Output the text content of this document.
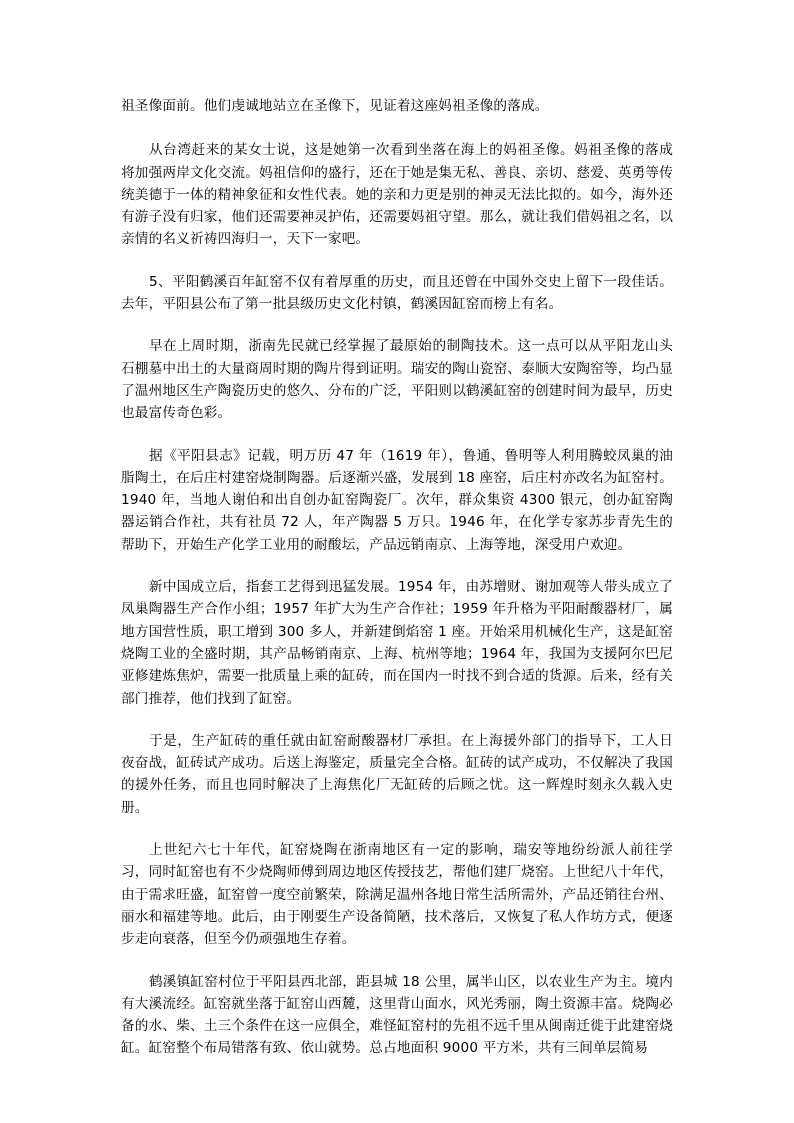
祖圣像面前。他们虔诚地站立在圣像下，见证着这座妈祖圣像的落成。

从台湾赶来的某女士说，这是她第一次看到坐落在海上的妈祖圣像。妈祖圣像的落成将加强两岸文化交流。妈祖信仰的盛行，还在于她是集无私、善良、亲切、慈爱、英勇等传统美德于一体的精神象征和女性代表。她的亲和力更是别的神灵无法比拟的。如今，海外还有游子没有归家，他们还需要神灵护佑，还需要妈祖守望。那么，就让我们借妈祖之名，以亲情的名义祈祷四海归一，天下一家吧。

5、平阳鹤溪百年缸窑不仅有着厚重的历史，而且还曾在中国外交史上留下一段佳话。去年，平阳县公布了第一批县级历史文化村镇，鹤溪因缸窑而榜上有名。

早在上周时期，浙南先民就已经掌握了最原始的制陶技术。这一点可以从平阳龙山头石棚墓中出土的大量商周时期的陶片得到证明。瑞安的陶山瓷窑、泰顺大安陶窑等，均凸显了温州地区生产陶瓷历史的悠久、分布的广泛，平阳则以鹤溪缸窑的创建时间为最早，历史也最富传奇色彩。

据《平阳县志》记载，明万历 47 年（1619 年），鲁通、鲁明等人利用腾蛟凤巢的油脂陶土，在后庄村建窑烧制陶器。后逐渐兴盛，发展到 18 座窑，后庄村亦改名为缸窑村。1940 年，当地人谢伯和出自创办缸窑陶瓷厂。次年，群众集资 4300 银元，创办缸窑陶器运销合作社，共有社员 72 人，年产陶器 5 万只。1946 年，在化学专家苏步青先生的帮助下，开始生产化学工业用的耐酸坛，产品远销南京、上海等地，深受用户欢迎。

新中国成立后，指套工艺得到迅猛发展。1954 年，由苏增财、谢加观等人带头成立了凤巢陶器生产合作小组；1957 年扩大为生产合作社；1959 年升格为平阳耐酸器材厂，属地方国营性质，职工增到 300 多人，并新建倒焰窑 1 座。开始采用机械化生产，这是缸窑烧陶工业的全盛时期，其产品畅销南京、上海、杭州等地；1964 年，我国为支援阿尔巴尼亚修建炼焦炉，需要一批质量上乘的缸砖，而在国内一时找不到合适的货源。后来，经有关部门推荐，他们找到了缸窑。

于是，生产缸砖的重任就由缸窑耐酸器材厂承担。在上海援外部门的指导下，工人日夜奋战，缸砖试产成功。后送上海鉴定，质量完全合格。缸砖的试产成功，不仅解决了我国的援外任务，而且也同时解决了上海焦化厂无缸砖的后顾之忧。这一辉煌时刻永久载入史册。

上世纪六七十年代，缸窑烧陶在浙南地区有一定的影响，瑞安等地纷纷派人前往学习，同时缸窑也有不少烧陶师傅到周边地区传授技艺，帮他们建厂烧窑。上世纪八十年代，由于需求旺盛，缸窑曾一度空前繁荣，除满足温州各地日常生活所需外，产品还销往台州、丽水和福建等地。此后，由于刚要生产设备简陋，技术落后，又恢复了私人作坊方式，便逐步走向衰落，但至今仍顽强地生存着。

鹤溪镇缸窑村位于平阳县西北部，距县城 18 公里，属半山区，以农业生产为主。境内有大溪流经。缸窑就坐落于缸窑山西麓，这里背山面水，风光秀丽，陶土资源丰富。烧陶必备的水、柴、土三个条件在这一应俱全，难怪缸窑村的先祖不远千里从闽南迁徙于此建窑烧缸。缸窑整个布局错落有致、依山就势。总占地面积 9000 平方米，共有三间单层简易
